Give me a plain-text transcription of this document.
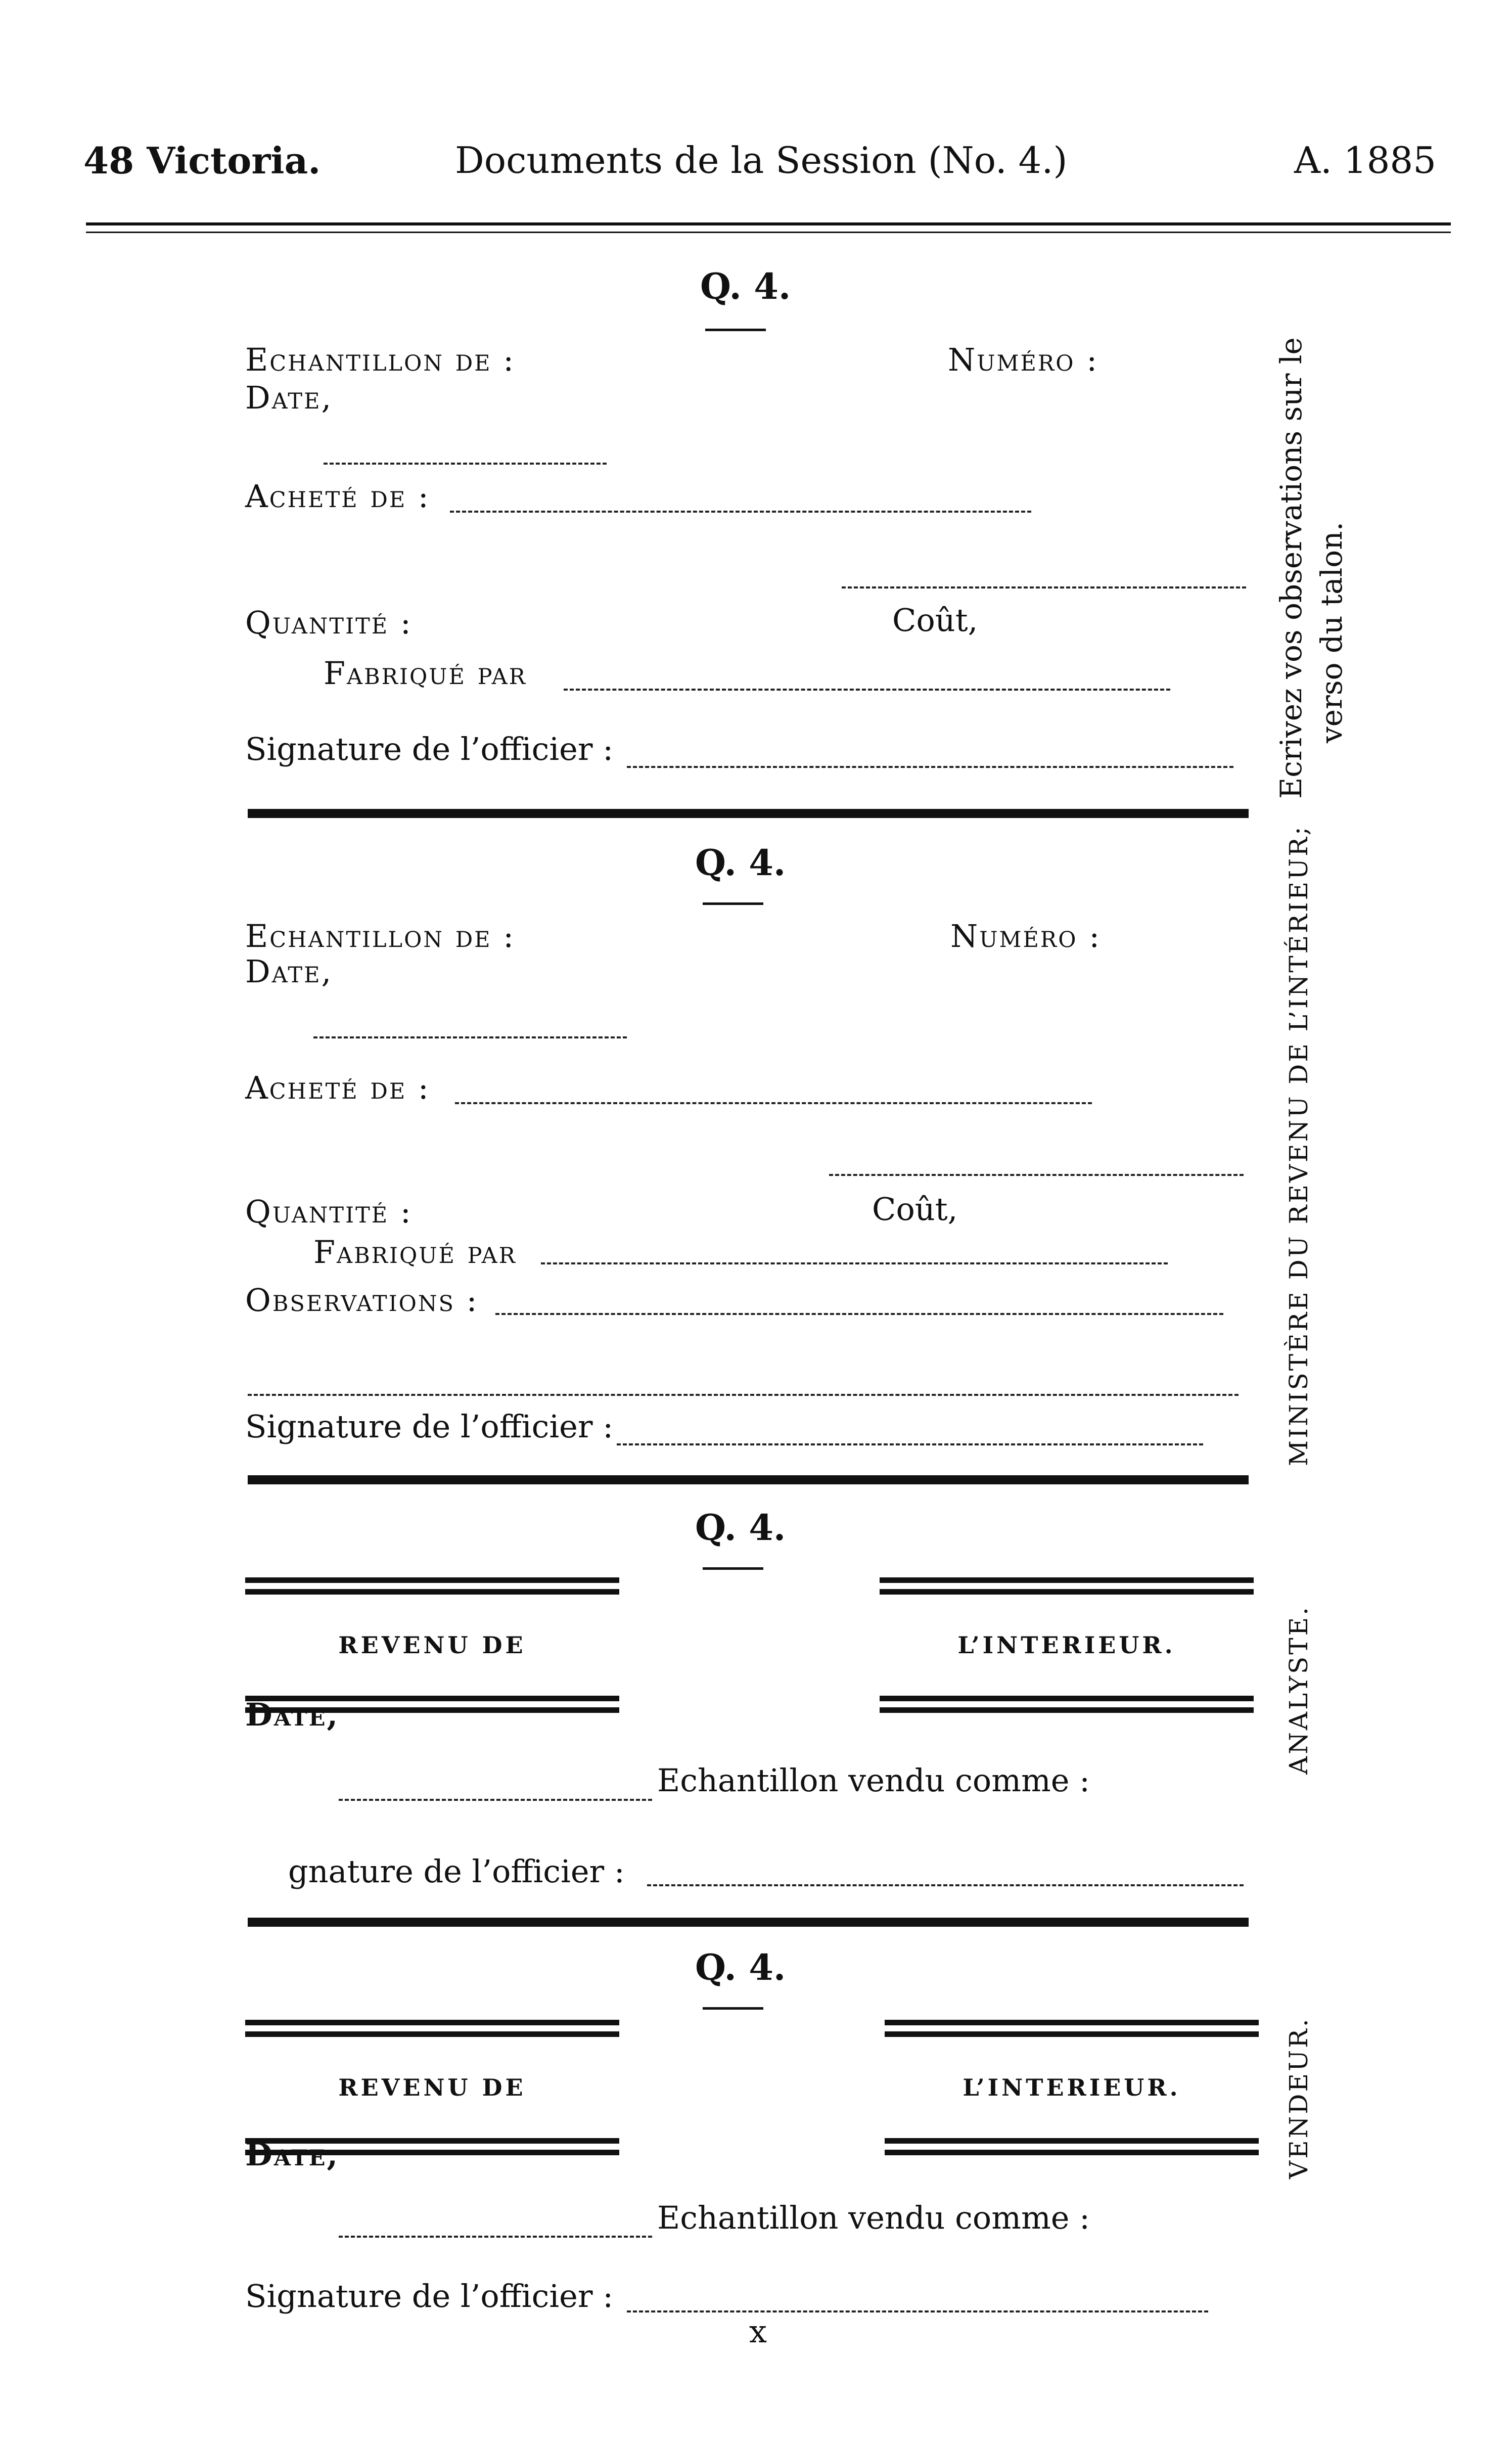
48 Victoria.	Documents de la Session (No. 4.)	A. 1885
Q. 4.
Echantillon de :	Numéro :
Date,
Acheté de :
Quantité :	Coût,
Fabriqué par
Signature de l’officier :
Q. 4.
Echantillon de :	Numéro :
Date,
Acheté de :
Quantité :	Coût,
Fabriqué par
Observations :
Signature de l’officier :
Q. 4.
REVENU DE	L’INTERIEUR.
Date,
Echantillon vendu comme :
gnature de l’officier :
Q. 4.
REVENU DE	L’INTERIEUR.
Date,
Echantillon vendu comme :
Signature de l’officier :
x
Ecrivez vos observations sur le verso du talon.
MINISTÈRE DU REVENU DE L’INTÉRIEUR;
ANALYSTE.
VENDEUR.
